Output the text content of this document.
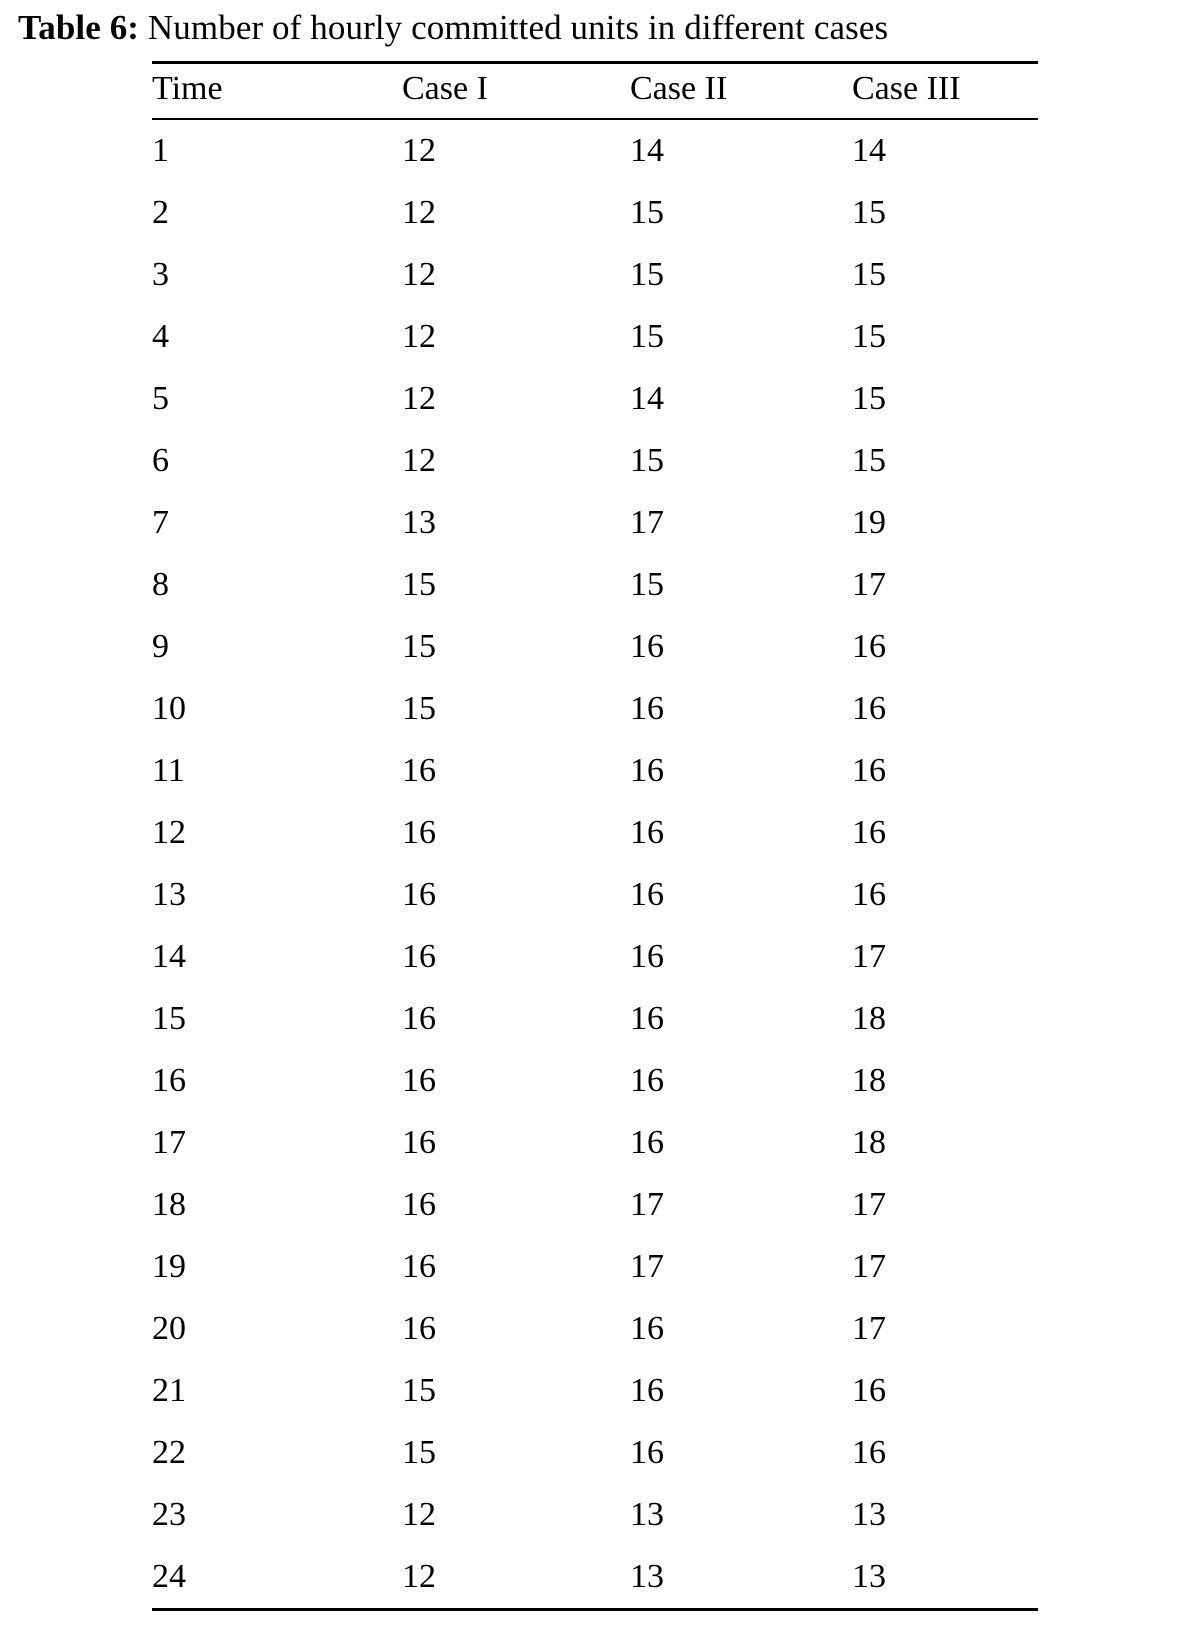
Table 6: Number of hourly committed units in different cases
Time	Case I	Case II	Case III
1	12	14	14
2	12	15	15
3	12	15	15
4	12	15	15
5	12	14	15
6	12	15	15
7	13	17	19
8	15	15	17
9	15	16	16
10	15	16	16
11	16	16	16
12	16	16	16
13	16	16	16
14	16	16	17
15	16	16	18
16	16	16	18
17	16	16	18
18	16	17	17
19	16	17	17
20	16	16	17
21	15	16	16
22	15	16	16
23	12	13	13
24	12	13	13
